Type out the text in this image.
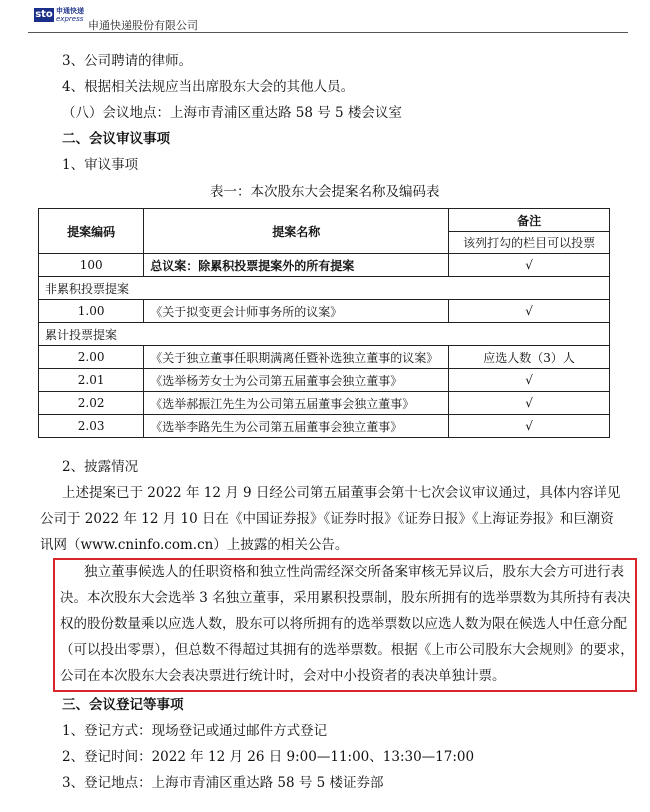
sto 申通快递
express 申通快递股份有限公司
3、公司聘请的律师。
4、根据相关法规应当出席股东大会的其他人员。
（八）会议地点：上海市青浦区重达路 58 号 5 楼会议室
二、会议审议事项
1、审议事项
表一：本次股东大会提案名称及编码表
提案编码	提案名称	备注
		该列打勾的栏目可以投票
100	总议案：除累积投票提案外的所有提案	√
非累积投票提案		
1.00	《关于拟变更会计师事务所的议案》	√
累计投票提案		
2.00	《关于独立董事任职期满离任暨补选独立董事的议案》	应选人数（3）人
2.01	《选举杨芳女士为公司第五届董事会独立董事》	√
2.02	《选举郝振江先生为公司第五届董事会独立董事》	√
2.03	《选举李路先生为公司第五届董事会独立董事》	√
2、披露情况
上述提案已于 2022 年 12 月 9 日经公司第五届董事会第十七次会议审议通过，具体内容详见
公司于 2022 年 12 月 10 日在《中国证券报》《证券时报》《证券日报》《上海证券报》和巨潮资
讯网（www.cninfo.com.cn）上披露的相关公告。
独立董事候选人的任职资格和独立性尚需经深交所备案审核无异议后，股东大会方可进行表
决。本次股东大会选举 3 名独立董事，采用累积投票制，股东所拥有的选举票数为其所持有表决
权的股份数量乘以应选人数，股东可以将所拥有的选举票数以应选人数为限在候选人中任意分配
（可以投出零票），但总数不得超过其拥有的选举票数。根据《上市公司股东大会规则》的要求，
公司在本次股东大会表决票进行统计时，会对中小投资者的表决单独计票。
三、会议登记等事项
1、登记方式：现场登记或通过邮件方式登记
2、登记时间：2022 年 12 月 26 日 9:00—11:00、13:30—17:00
3、登记地点：上海市青浦区重达路 58 号 5 楼证券部
